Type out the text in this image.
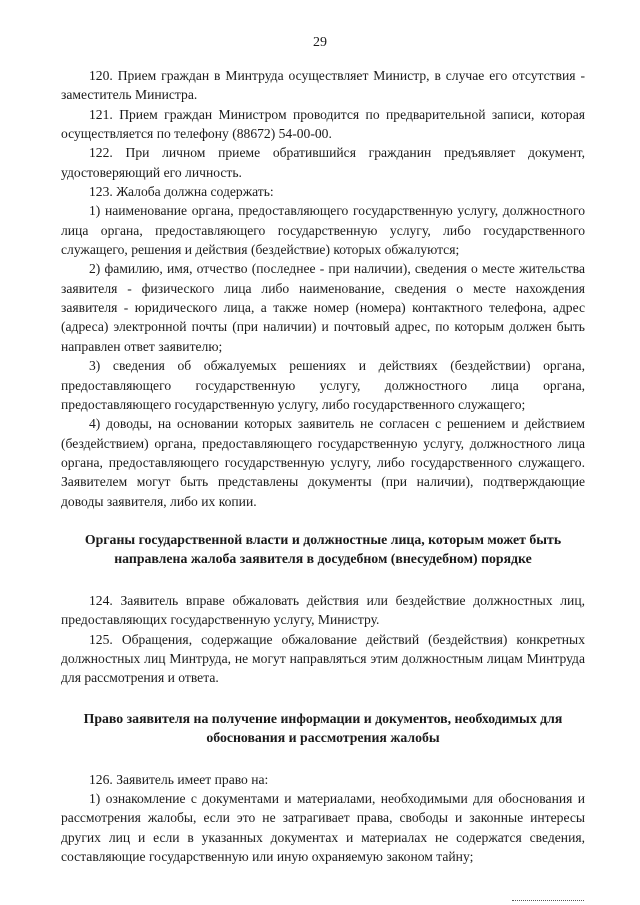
29

120. Прием граждан в Минтруда осуществляет Министр, в случае его отсутствия - заместитель Министра.

121. Прием граждан Министром проводится по предварительной записи, которая осуществляется по телефону (88672) 54-00-00.

122. При личном приеме обратившийся гражданин предъявляет документ, удостоверяющий его личность.

123. Жалоба должна содержать:

1) наименование органа, предоставляющего государственную услугу, должностного лица органа, предоставляющего государственную услугу, либо государственного служащего, решения и действия (бездействие) которых обжалуются;

2) фамилию, имя, отчество (последнее - при наличии), сведения о месте жительства заявителя - физического лица либо наименование, сведения о месте нахождения заявителя - юридического лица, а также номер (номера) контактного телефона, адрес (адреса) электронной почты (при наличии) и почтовый адрес, по которым должен быть направлен ответ заявителю;

3) сведения об обжалуемых решениях и действиях (бездействии) органа, предоставляющего государственную услугу, должностного лица органа, предоставляющего государственную услугу, либо государственного служащего;

4) доводы, на основании которых заявитель не согласен с решением и действием (бездействием) органа, предоставляющего государственную услугу, должностного лица органа, предоставляющего государственную услугу, либо государственного служащего. Заявителем могут быть представлены документы (при наличии), подтверждающие доводы заявителя, либо их копии.

Органы государственной власти и должностные лица, которым может быть направлена жалоба заявителя в досудебном (внесудебном) порядке

124. Заявитель вправе обжаловать действия или бездействие должностных лиц, предоставляющих государственную услугу, Министру.

125. Обращения, содержащие обжалование действий (бездействия) конкретных должностных лиц Минтруда, не могут направляться этим должностным лицам Минтруда для рассмотрения и ответа.

Право заявителя на получение информации и документов, необходимых для обоснования и рассмотрения жалобы

126. Заявитель имеет право на:

1) ознакомление с документами и материалами, необходимыми для обоснования и рассмотрения жалобы, если это не затрагивает права, свободы и законные интересы других лиц и если в указанных документах и материалах не содержатся сведения, составляющие государственную или иную охраняемую законом тайну;
